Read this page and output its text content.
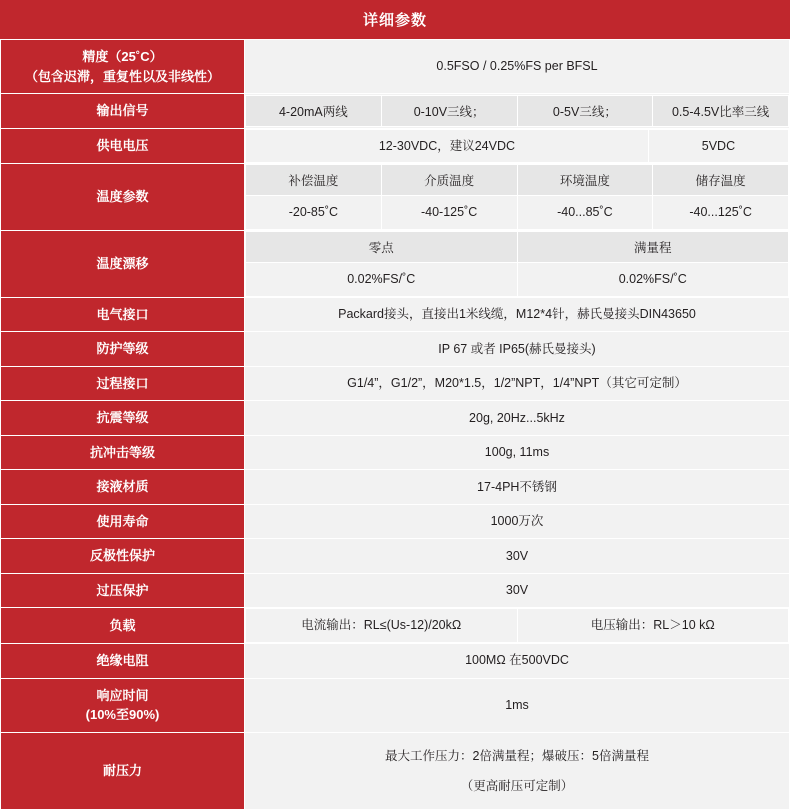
详细参数
精度（25˚C）
（包含迟滞，重复性以及非线性）
	0.5FSO / 0.25%FS per BFSL
输出信号		4-20mA两线	0-10V三线；	0-5V三线；	0.5-4.5V比率三线

供电电压		12-30VDC，建议24VDC	5VDC

温度参数	
补偿温度	介质温度	环境温度	储存温度
-20-85˚C	-40-125˚C	-40...85˚C	-40...125˚C

温度漂移	
零点	满量程
0.02%FS/˚C	0.02%FS/˚C

电气接口	Packard接头，直接出1米线缆，M12*4针，赫氏曼接头DIN43650
防护等级	IP 67 或者 IP65(赫氏曼接头)
过程接口	G1/4”，G1/2”，M20*1.5，1/2”NPT，1/4”NPT（其它可定制）
抗震等级	20g, 20Hz...5kHz
抗冲击等级	100g, 11ms
接液材质	17-4PH不锈钢
使用寿命	1000万次
反极性保护	30V
过压保护	30V
负载		电流输出：RL≤(Us-12)/20kΩ	电压输出：RL＞10 kΩ

绝缘电阻	100MΩ 在500VDC

响应时间
(10%至90%)
	1ms
耐压力	
最大工作压力：2倍满量程；爆破压：5倍满量程
（更高耐压可定制）
